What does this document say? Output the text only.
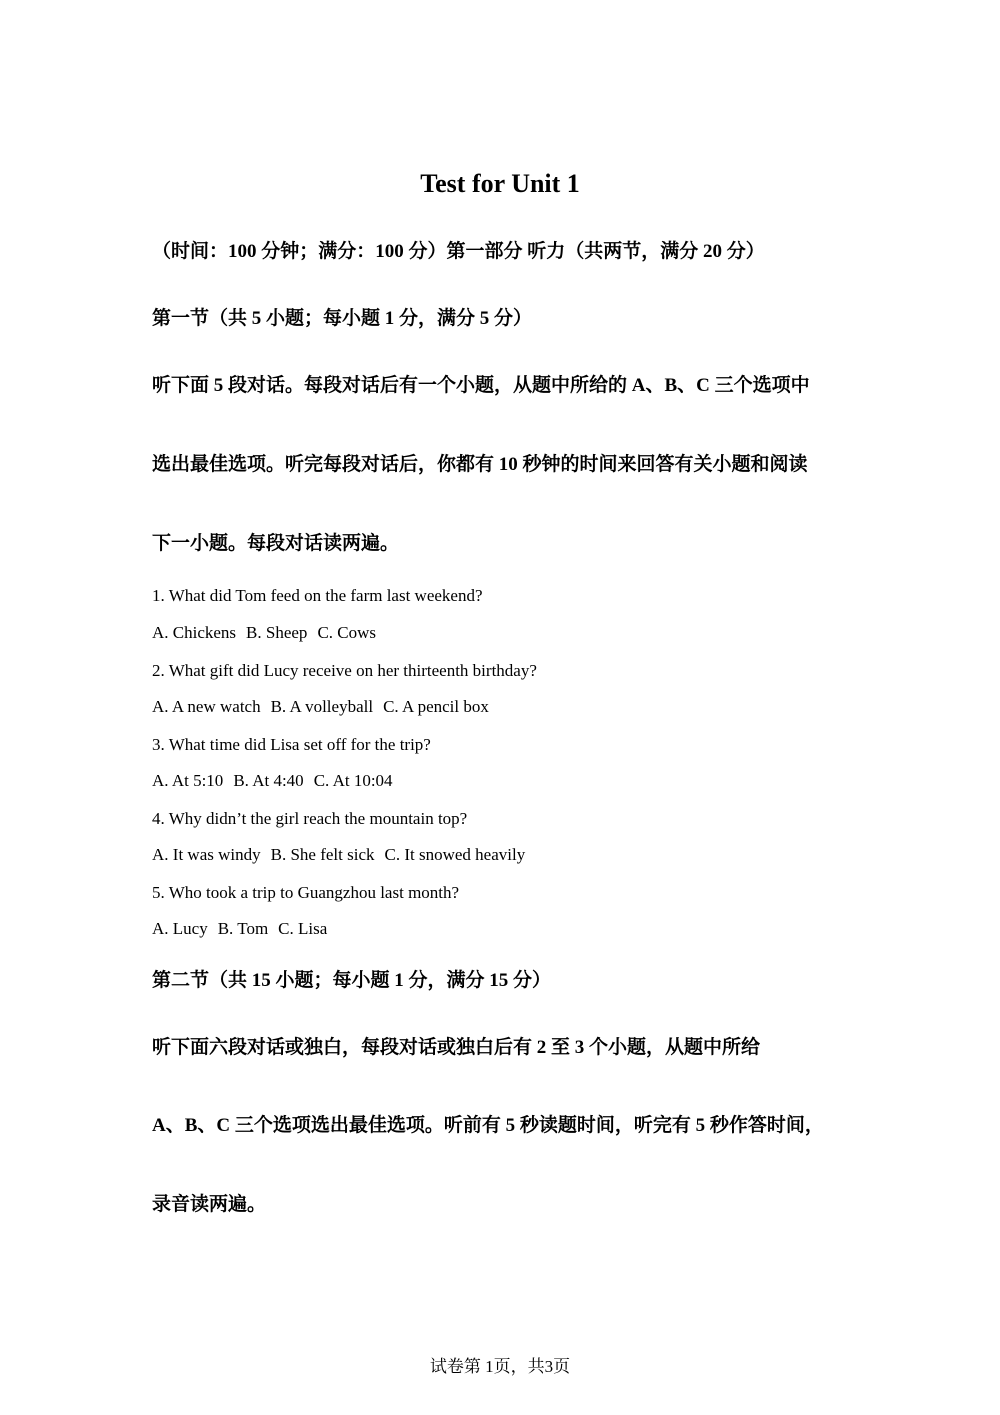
Test for Unit 1
（时间：100 分钟；满分：100 分）第一部分 听力（共两节，满分 20 分）
第一节（共 5 小题；每小题 1 分，满分 5 分）
听下面 5 段对话。每段对话后有一个小题，从题中所给的 A、B、C 三个选项中
选出最佳选项。听完每段对话后，你都有 10 秒钟的时间来回答有关小题和阅读
下一小题。每段对话读两遍。
1. What did Tom feed on the farm last weekend?
A. Chickens B. Sheep C. Cows
2. What gift did Lucy receive on her thirteenth birthday?
A. A new watch B. A volleyball C. A pencil box
3. What time did Lisa set off for the trip?
A. At 5:10 B. At 4:40 C. At 10:04
4. Why didn’t the girl reach the mountain top?
A. It was windy B. She felt sick C. It snowed heavily
5. Who took a trip to Guangzhou last month?
A. Lucy B. Tom C. Lisa
第二节（共 15 小题；每小题 1 分，满分 15 分）
听下面六段对话或独白，每段对话或独白后有 2 至 3 个小题，从题中所给
A、B、C 三个选项选出最佳选项。听前有 5 秒读题时间，听完有 5 秒作答时间，
录音读两遍。
试卷第 1页，共3页
